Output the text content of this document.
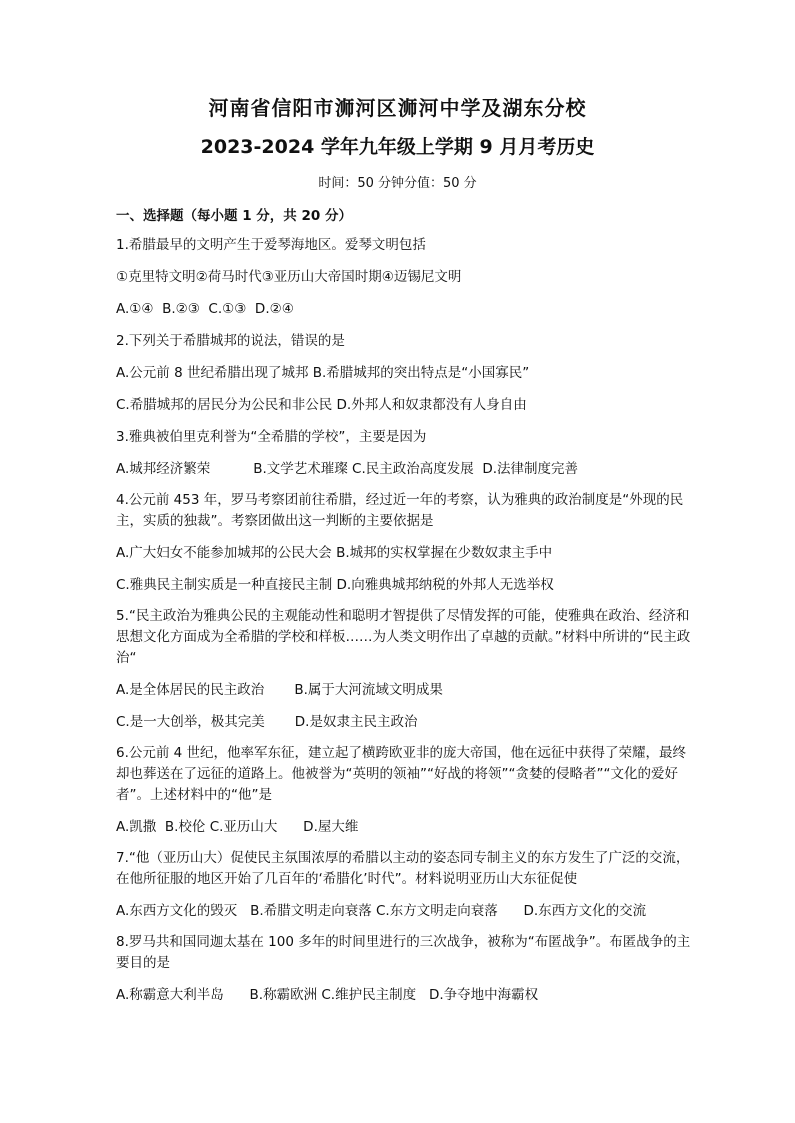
河南省信阳市浉河区浉河中学及湖东分校
2023-2024 学年九年级上学期 9 月月考历史
时间：50 分钟分值：50 分
一、选择题（每小题 1 分，共 20 分）
1.希腊最早的文明产生于爱琴海地区。爱琴文明包括
①克里特文明②荷马时代③亚历山大帝国时期④迈锡尼文明
A.①④  B.②③  C.①③  D.②④
2.下列关于希腊城邦的说法，错误的是
A.公元前 8 世纪希腊出现了城邦 B.希腊城邦的突出特点是“小国寡民”
C.希腊城邦的居民分为公民和非公民 D.外邦人和奴隶都没有人身自由
3.雅典被伯里克利誉为“全希腊的学校”，主要是因为
A.城邦经济繁荣          B.文学艺术璀璨 C.民主政治高度发展  D.法律制度完善
4.公元前 453 年，罗马考察团前往希腊，经过近一年的考察，认为雅典的政治制度是“外现的民主，实质的独裁”。考察团做出这一判断的主要依据是
A.广大妇女不能参加城邦的公民大会 B.城邦的实权掌握在少数奴隶主手中
C.雅典民主制实质是一种直接民主制 D.向雅典城邦纳税的外邦人无选举权
5.“民主政治为雅典公民的主观能动性和聪明才智提供了尽情发挥的可能，使雅典在政治、经济和思想文化方面成为全希腊的学校和样板……为人类文明作出了卓越的贡献。”材料中所讲的“民主政治“
A.是全体居民的民主政治       B.属于大河流域文明成果
C.是一大创举，极其完美       D.是奴隶主民主政治
6.公元前 4 世纪，他率军东征，建立起了横跨欧亚非的庞大帝国，他在远征中获得了荣耀，最终却也葬送在了远征的道路上。他被誉为“英明的领袖”“好战的将领”“贪婪的侵略者”“文化的爱好者”。上述材料中的“他”是
A.凯撒  B.校伦 C.亚历山大      D.屋大维
7.“他（亚历山大）促使民主氛围浓厚的希腊以主动的姿态同专制主义的东方发生了广泛的交流，在他所征服的地区开始了几百年的‘希腊化’时代”。材料说明亚历山大东征促使
A.东西方文化的毁灭   B.希腊文明走向衰落 C.东方文明走向衰落      D.东西方文化的交流
8.罗马共和国同迦太基在 100 多年的时间里进行的三次战争，被称为“布匿战争”。布匿战争的主要目的是
A.称霸意大利半岛      B.称霸欧洲 C.维护民主制度   D.争夺地中海霸权
